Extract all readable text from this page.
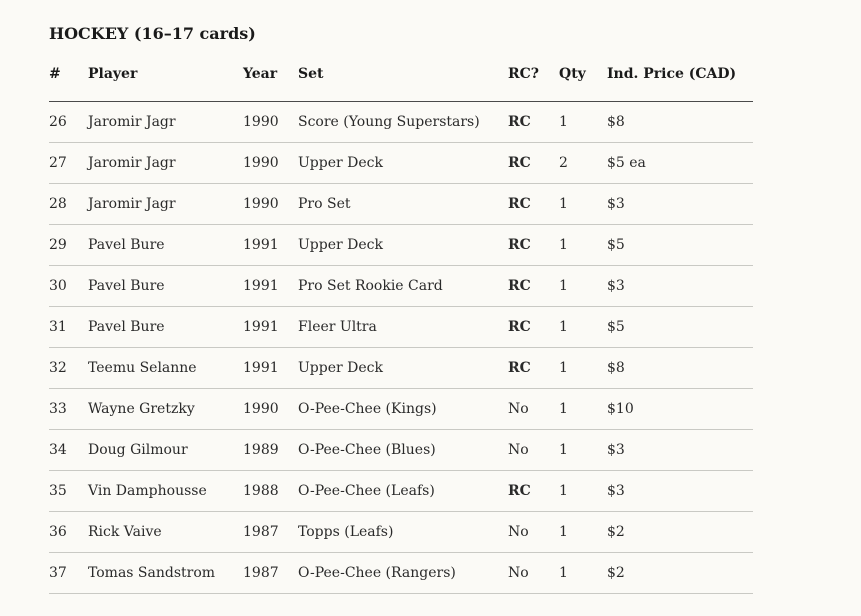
HOCKEY (16–17 cards)
#	Player	Year	Set	RC?	Qty	Ind. Price (CAD)
26	Jaromir Jagr	1990	Score (Young Superstars)	RC	1	$8
27	Jaromir Jagr	1990	Upper Deck	RC	2	$5 ea
28	Jaromir Jagr	1990	Pro Set	RC	1	$3
29	Pavel Bure	1991	Upper Deck	RC	1	$5
30	Pavel Bure	1991	Pro Set Rookie Card	RC	1	$3
31	Pavel Bure	1991	Fleer Ultra	RC	1	$5
32	Teemu Selanne	1991	Upper Deck	RC	1	$8
33	Wayne Gretzky	1990	O-Pee-Chee (Kings)	No	1	$10
34	Doug Gilmour	1989	O-Pee-Chee (Blues)	No	1	$3
35	Vin Damphousse	1988	O-Pee-Chee (Leafs)	RC	1	$3
36	Rick Vaive	1987	Topps (Leafs)	No	1	$2
37	Tomas Sandstrom	1987	O-Pee-Chee (Rangers)	No	1	$2
